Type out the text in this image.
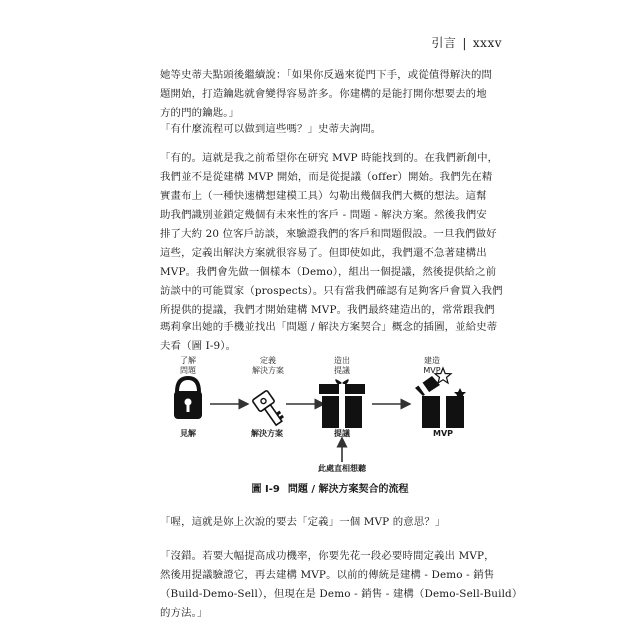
引言 | xxxv
她等史蒂夫點頭後繼續說：「如果你反過來從門下手，或從值得解決的問
題開始，打造鑰匙就會變得容易許多。你建構的是能打開你想要去的地
方的門的鑰匙。」
「有什麼流程可以做到這些嗎？」史蒂夫詢問。
「有的。這就是我之前希望你在研究 MVP 時能找到的。在我們新創中，
我們並不是從建構 MVP 開始，而是從提議（offer）開始。我們先在精
實畫布上（一種快速構想建模工具）勾勒出幾個我們大概的想法。這幫
助我們識別並鎖定幾個有未來性的客戶 - 問題 - 解決方案。然後我們安
排了大約 20 位客戶訪談，來驗證我們的客戶和問題假設。一旦我們做好
這些，定義出解決方案就很容易了。但即使如此，我們還不急著建構出
MVP。我們會先做一個樣本（Demo），組出一個提議，然後提供給之前
訪談中的可能買家（prospects）。只有當我們確認有足夠客戶會買入我們
所提供的提議，我們才開始建構 MVP。我們最終建造出的，常常跟我們
瑪莉拿出她的手機並找出「問題 / 解決方案契合」概念的插圖，並給史蒂
夫看（圖 I-9）。
了解
問題
定義
解決方案
造出
提議
建造
MVP
見解	解決方案	提議	MVP
此處直相想聽
圖 I-9 問題 / 解決方案契合的流程
「喔，這就是妳上次說的要去「定義」一個 MVP 的意思？」
「沒錯。若要大幅提高成功機率，你要先花一段必要時間定義出 MVP，
然後用提議驗證它，再去建構 MVP。以前的傳統是建構 - Demo - 銷售
（Build-Demo-Sell），但現在是 Demo - 銷售 - 建構（Demo-Sell-Build）
的方法。」
